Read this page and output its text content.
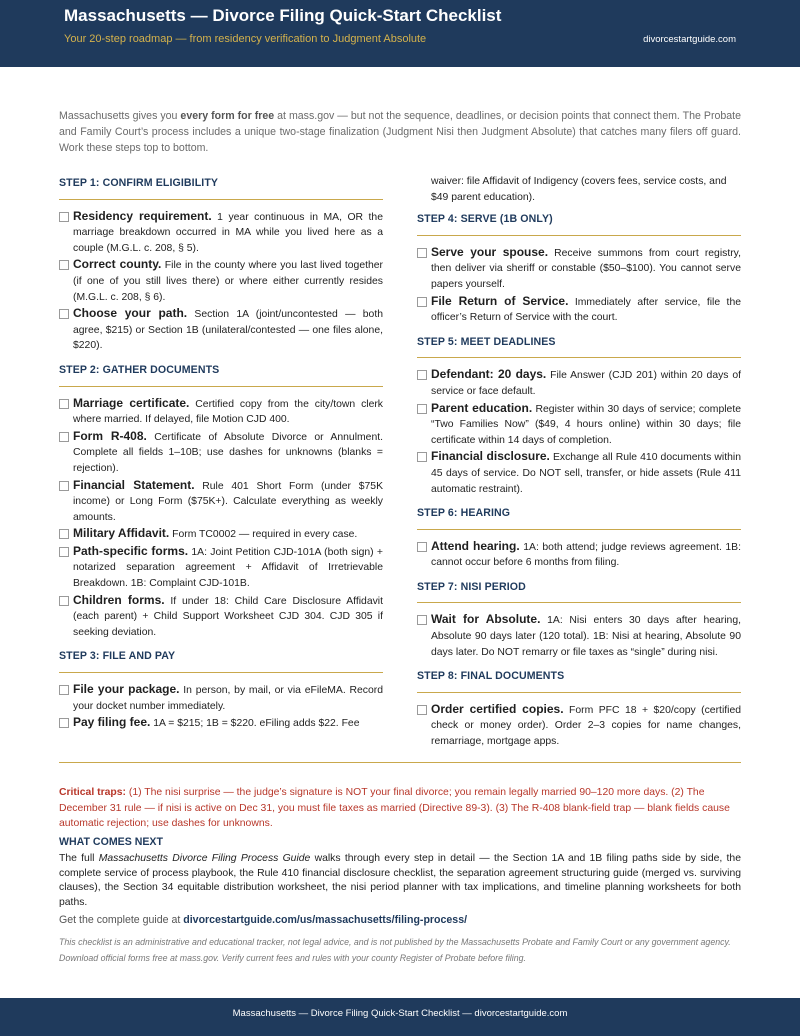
Massachusetts — Divorce Filing Quick-Start Checklist
Your 20-step roadmap — from residency verification to Judgment Absolute	divorcestartguide.com
Massachusetts gives you every form for free at mass.gov — but not the sequence, deadlines, or decision points that connect them. The Probate and Family Court’s process includes a unique two-stage finalization (Judgment Nisi then Judgment Absolute) that catches many filers off guard. Work these steps top to bottom.
STEP 1: CONFIRM ELIGIBILITY
Residency requirement. 1 year continuous in MA, OR the marriage breakdown occurred in MA while you lived here as a couple (M.G.L. c. 208, § 5).
Correct county. File in the county where you last lived together (if one of you still lives there) or where either currently resides (M.G.L. c. 208, § 6).
Choose your path. Section 1A (joint/uncontested — both agree, $215) or Section 1B (unilateral/contested — one files alone, $220).
STEP 2: GATHER DOCUMENTS
Marriage certificate. Certified copy from the city/town clerk where married. If delayed, file Motion CJD 400.
Form R-408. Certificate of Absolute Divorce or Annulment. Complete all fields 1–10B; use dashes for unknowns (blanks = rejection).
Financial Statement. Rule 401 Short Form (under $75K income) or Long Form ($75K+). Calculate everything as weekly amounts.
Military Affidavit. Form TC0002 — required in every case.
Path-specific forms. 1A: Joint Petition CJD-101A (both sign) + notarized separation agreement + Affidavit of Irretrievable Breakdown. 1B: Complaint CJD-101B.
Children forms. If under 18: Child Care Disclosure Affidavit (each parent) + Child Support Worksheet CJD 304. CJD 305 if seeking deviation.
STEP 3: FILE AND PAY
File your package. In person, by mail, or via eFileMA. Record your docket number immediately.
Pay filing fee. 1A = $215; 1B = $220. eFiling adds $22. Fee
waiver: file Affidavit of Indigency (covers fees, service costs, and $49 parent education).
STEP 4: SERVE (1B ONLY)
Serve your spouse. Receive summons from court registry, then deliver via sheriff or constable ($50–$100). You cannot serve papers yourself.
File Return of Service. Immediately after service, file the officer’s Return of Service with the court.
STEP 5: MEET DEADLINES
Defendant: 20 days. File Answer (CJD 201) within 20 days of service or face default.
Parent education. Register within 30 days of service; complete “Two Families Now” ($49, 4 hours online) within 30 days; file certificate within 14 days of completion.
Financial disclosure. Exchange all Rule 410 documents within 45 days of service. Do NOT sell, transfer, or hide assets (Rule 411 automatic restraint).
STEP 6: HEARING
Attend hearing. 1A: both attend; judge reviews agreement. 1B: cannot occur before 6 months from filing.
STEP 7: NISI PERIOD
Wait for Absolute. 1A: Nisi enters 30 days after hearing, Absolute 90 days later (120 total). 1B: Nisi at hearing, Absolute 90 days later. Do NOT remarry or file taxes as “single” during nisi.
STEP 8: FINAL DOCUMENTS
Order certified copies. Form PFC 18 + $20/copy (certified check or money order). Order 2–3 copies for name changes, remarriage, mortgage apps.
Critical traps: (1) The nisi surprise — the judge’s signature is NOT your final divorce; you remain legally married 90–120 more days. (2) The December 31 rule — if nisi is active on Dec 31, you must file taxes as married (Directive 89-3). (3) The R-408 blank-field trap — blank fields cause automatic rejection; use dashes for unknowns.
WHAT COMES NEXT
The full Massachusetts Divorce Filing Process Guide walks through every step in detail — the Section 1A and 1B filing paths side by side, the complete service of process playbook, the Rule 410 financial disclosure checklist, the separation agreement structuring guide (merged vs. surviving clauses), the Section 34 equitable distribution worksheet, the nisi period planner with tax implications, and timeline planning worksheets for both paths.
Get the complete guide at divorcestartguide.com/us/massachusetts/filing-process/
This checklist is an administrative and educational tracker, not legal advice, and is not published by the Massachusetts Probate and Family Court or any government agency. Download official forms free at mass.gov. Verify current fees and rules with your county Register of Probate before filing.
Massachusetts — Divorce Filing Quick-Start Checklist — divorcestartguide.com
